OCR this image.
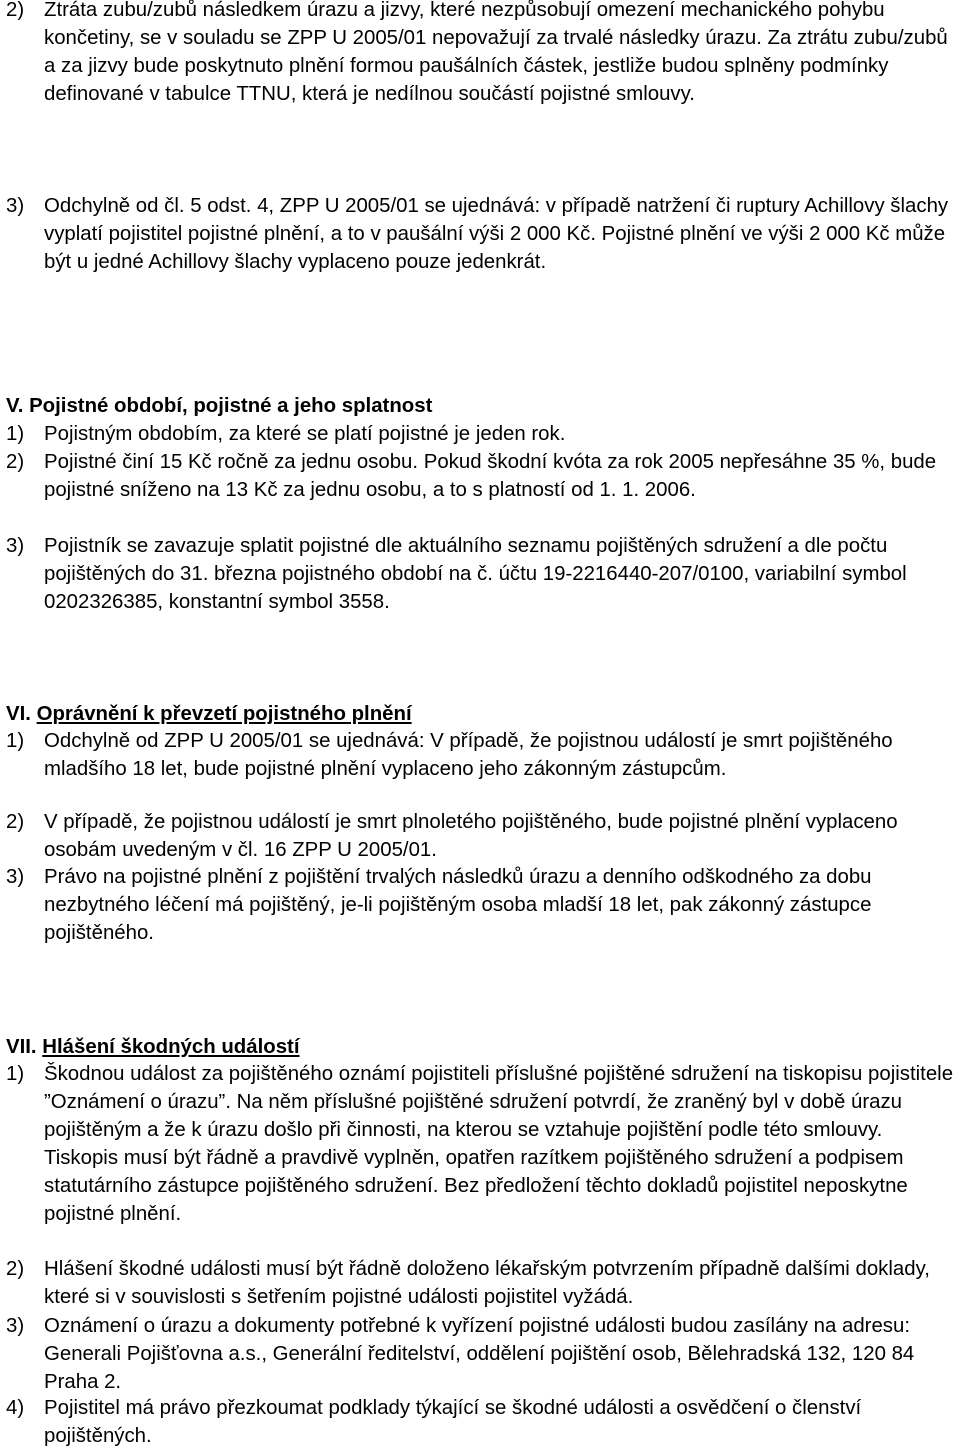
2) Ztráta zubu/zubů následkem úrazu a jizvy, které nezpůsobují omezení mechanického pohybu končetiny, se v souladu se ZPP U 2005/01 nepovažují za trvalé následky úrazu. Za ztrátu zubu/zubů a za jizvy bude poskytnuto plnění formou paušálních částek, jestliže budou splněny podmínky definované v tabulce TTNU, která je nedílnou součástí pojistné smlouvy.
3) Odchylně od čl. 5 odst. 4, ZPP U 2005/01 se ujednává: v případě natržení či ruptury Achillovy šlachy vyplatí pojistitel pojistné plnění, a to v paušální výši 2 000 Kč. Pojistné plnění ve výši 2 000 Kč může být u jedné Achillovy šlachy vyplaceno pouze jedenkrát.
V. Pojistné období, pojistné a jeho splatnost
1) Pojistným obdobím, za které se platí pojistné je jeden rok.
2) Pojistné činí 15 Kč ročně za jednu osobu. Pokud škodní kvóta za rok 2005 nepřesáhne 35 %, bude pojistné sníženo na 13 Kč za jednu osobu, a to s platností od 1. 1. 2006.
3) Pojistník se zavazuje splatit pojistné dle aktuálního seznamu pojištěných sdružení a dle počtu pojištěných do 31. března pojistného období na č. účtu 19-2216440-207/0100, variabilní symbol 0202326385, konstantní symbol 3558.
VI. Oprávnění k převzetí pojistného plnění
1) Odchylně od ZPP U 2005/01 se ujednává: V případě, že pojistnou událostí je smrt pojištěného mladšího 18 let, bude pojistné plnění vyplaceno jeho zákonným zástupcům.
2) V případě, že pojistnou událostí je smrt plnoletého pojištěného, bude pojistné plnění vyplaceno osobám uvedeným v čl. 16 ZPP U 2005/01.
3) Právo na pojistné plnění z pojištění trvalých následků úrazu a denního odškodného za dobu nezbytného léčení má pojištěný, je-li pojištěným osoba mladší 18 let, pak zákonný zástupce pojištěného.
VII. Hlášení škodných událostí
1) Škodnou událost za pojištěného oznámí pojistiteli příslušné pojištěné sdružení na tiskopisu pojistitele ”Oznámení o úrazu”. Na něm příslušné pojištěné sdružení potvrdí, že zraněný byl v době úrazu pojištěným a že k úrazu došlo při činnosti, na kterou se vztahuje pojištění podle této smlouvy. Tiskopis musí být řádně a pravdivě vyplněn, opatřen razítkem pojištěného sdružení a podpisem statutárního zástupce pojištěného sdružení. Bez předložení těchto dokladů pojistitel neposkytne pojistné plnění.
2) Hlášení škodné události musí být řádně doloženo lékařským potvrzením případně dalšími doklady, které si v souvislosti s šetřením pojistné události pojistitel vyžádá.
3) Oznámení o úrazu a dokumenty potřebné k vyřízení pojistné události budou zasílány na adresu: Generali Pojišťovna a.s., Generální ředitelství, oddělení pojištění osob, Bělehradská 132, 120 84 Praha 2.
4) Pojistitel má právo přezkoumat podklady týkající se škodné události a osvědčení o členství pojištěných.
